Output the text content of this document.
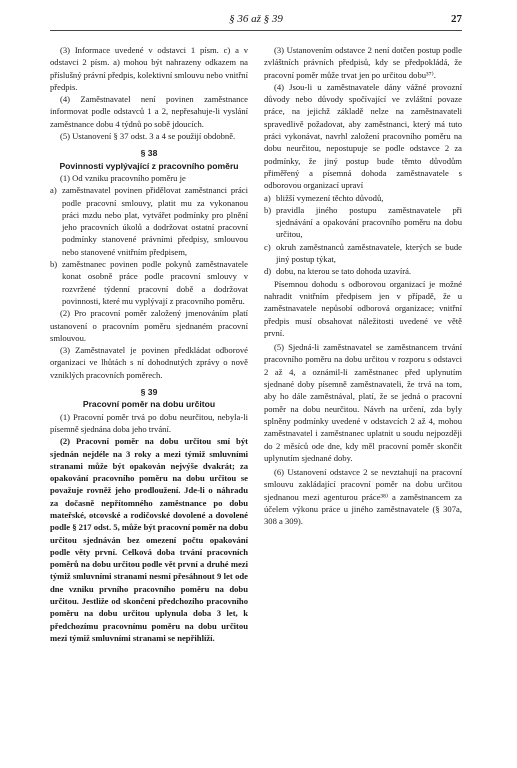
§ 36 až § 39	27

(3) Informace uvedené v odstavci 1 písm. c) a v odstavci 2 písm. a) mohou být nahrazeny odkazem na příslušný právní předpis, kolektivní smlouvu nebo vnitřní předpis.

(4) Zaměstnavatel není povinen zaměstnance informovat podle odstavců 1 a 2, nepřesahuje-li vyslání zaměstnance dobu 4 týdnů po sobě jdoucích.

(5) Ustanovení § 37 odst. 3 a 4 se použijí obdobně.

§ 38
Povinnosti vyplývající z pracovního poměru

(1) Od vzniku pracovního poměru je

a) zaměstnavatel povinen přidělovat zaměstnanci práci podle pracovní smlouvy, platit mu za vykonanou práci mzdu nebo plat, vytvářet podmínky pro plnění jeho pracovních úkolů a dodržovat ostatní pracovní podmínky stanovené právními předpisy, smlouvou nebo stanovené vnitřním předpisem,
b) zaměstnanec povinen podle pokynů zaměstnavatele konat osobně práce podle pracovní smlouvy v rozvržené týdenní pracovní době a dodržovat povinnosti, které mu vyplývají z pracovního poměru.

(2) Pro pracovní poměr založený jmenováním platí ustanovení o pracovním poměru sjednaném pracovní smlouvou.

(3) Zaměstnavatel je povinen předkládat odborové organizaci ve lhůtách s ní dohodnutých zprávy o nově vzniklých pracovních poměrech.

§ 39
Pracovní poměr na dobu určitou

(1) Pracovní poměr trvá po dobu neurčitou, nebyla-li písemně sjednána doba jeho trvání.

(2) Pracovní poměr na dobu určitou smí být sjednán nejdéle na 3 roky a mezi týmiž smluvními stranami může být opakován nejvýše dvakrát; za opakování pracovního poměru na dobu určitou se považuje rovněž jeho prodloužení. Jde-li o náhradu za dočasně nepřítomného zaměstnance po dobu mateřské, otcovské a rodičovské dovolené a dovolené podle § 217 odst. 5, může být pracovní poměr na dobu určitou sjednáván bez omezení počtu opakování podle věty první. Celková doba trvání pracovních poměrů na dobu určitou podle vět první a druhé mezi týmiž smluvními stranami nesmí přesáhnout 9 let ode dne vzniku prvního pracovního poměru na dobu určitou. Jestliže od skončení předchozího pracovního poměru na dobu určitou uplynula doba 3 let, k předchozímu pracovnímu poměru na dobu určitou mezi týmiž smluvními stranami se nepřihlíží.

(3) Ustanovením odstavce 2 není dotčen postup podle zvláštních právních předpisů, kdy se předpokládá, že pracovní poměr může trvat jen po určitou dobu³⁷⁾.

(4) Jsou-li u zaměstnavatele dány vážné provozní důvody nebo důvody spočívající ve zvláštní povaze práce, na jejichž základě nelze na zaměstnavateli spravedlivě požadovat, aby zaměstnanci, který má tuto práci vykonávat, navrhl založení pracovního poměru na dobu neurčitou, nepostupuje se podle odstavce 2 za podmínky, že jiný postup bude těmto důvodům přiměřený a písemná dohoda zaměstnavatele s odborovou organizací upraví

a) bližší vymezení těchto důvodů,
b) pravidla jiného postupu zaměstnavatele při sjednávání a opakování pracovního poměru na dobu určitou,
c) okruh zaměstnanců zaměstnavatele, kterých se bude jiný postup týkat,
d) dobu, na kterou se tato dohoda uzavírá.

Písemnou dohodu s odborovou organizací je možné nahradit vnitřním předpisem jen v případě, že u zaměstnavatele nepůsobí odborová organizace; vnitřní předpis musí obsahovat náležitosti uvedené ve větě první.

(5) Sjedná-li zaměstnavatel se zaměstnancem trvání pracovního poměru na dobu určitou v rozporu s odstavci 2 až 4, a oznámil-li zaměstnanec před uplynutím sjednané doby písemně zaměstnavateli, že trvá na tom, aby ho dále zaměstnával, platí, že se jedná o pracovní poměr na dobu neurčitou. Návrh na určení, zda byly splněny podmínky uvedené v odstavcích 2 až 4, mohou zaměstnavatel i zaměstnanec uplatnit u soudu nejpozději do 2 měsíců ode dne, kdy měl pracovní poměr skončit uplynutím sjednané doby.

(6) Ustanovení odstavce 2 se nevztahují na pracovní smlouvu zakládající pracovní poměr na dobu určitou sjednanou mezi agenturou práce³⁸⁾ a zaměstnancem za účelem výkonu práce u jiného zaměstnavatele (§ 307a, 308 a 309).
